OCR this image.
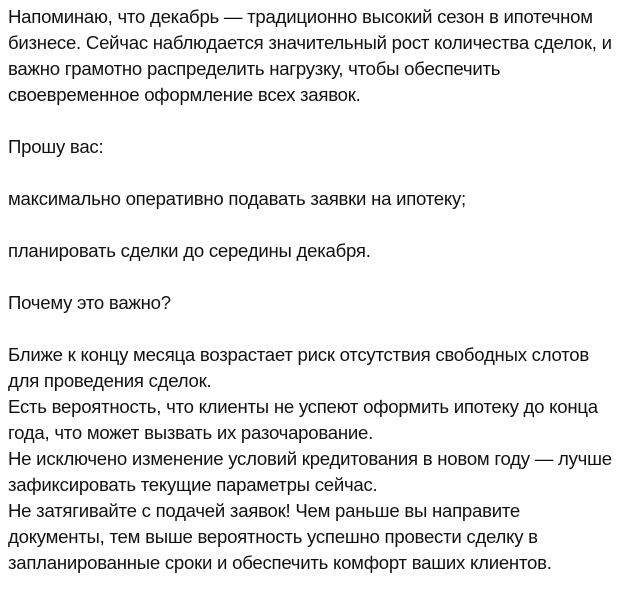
Напоминаю, что декабрь — традиционно высокий сезон в ипотечном бизнесе. Сейчас наблюдается значительный рост количества сделок, и важно грамотно распределить нагрузку, чтобы обеспечить своевременное оформление всех заявок.

Прошу вас:

максимально оперативно подавать заявки на ипотеку;

планировать сделки до середины декабря.

Почему это важно?

Ближе к концу месяца возрастает риск отсутствия свободных слотов для проведения сделок.

Есть вероятность, что клиенты не успеют оформить ипотеку до конца года, что может вызвать их разочарование.

Не исключено изменение условий кредитования в новом году — лучше зафиксировать текущие параметры сейчас.

Не затягивайте с подачей заявок! Чем раньше вы направите документы, тем выше вероятность успешно провести сделку в запланированные сроки и обеспечить комфорт ваших клиентов.
